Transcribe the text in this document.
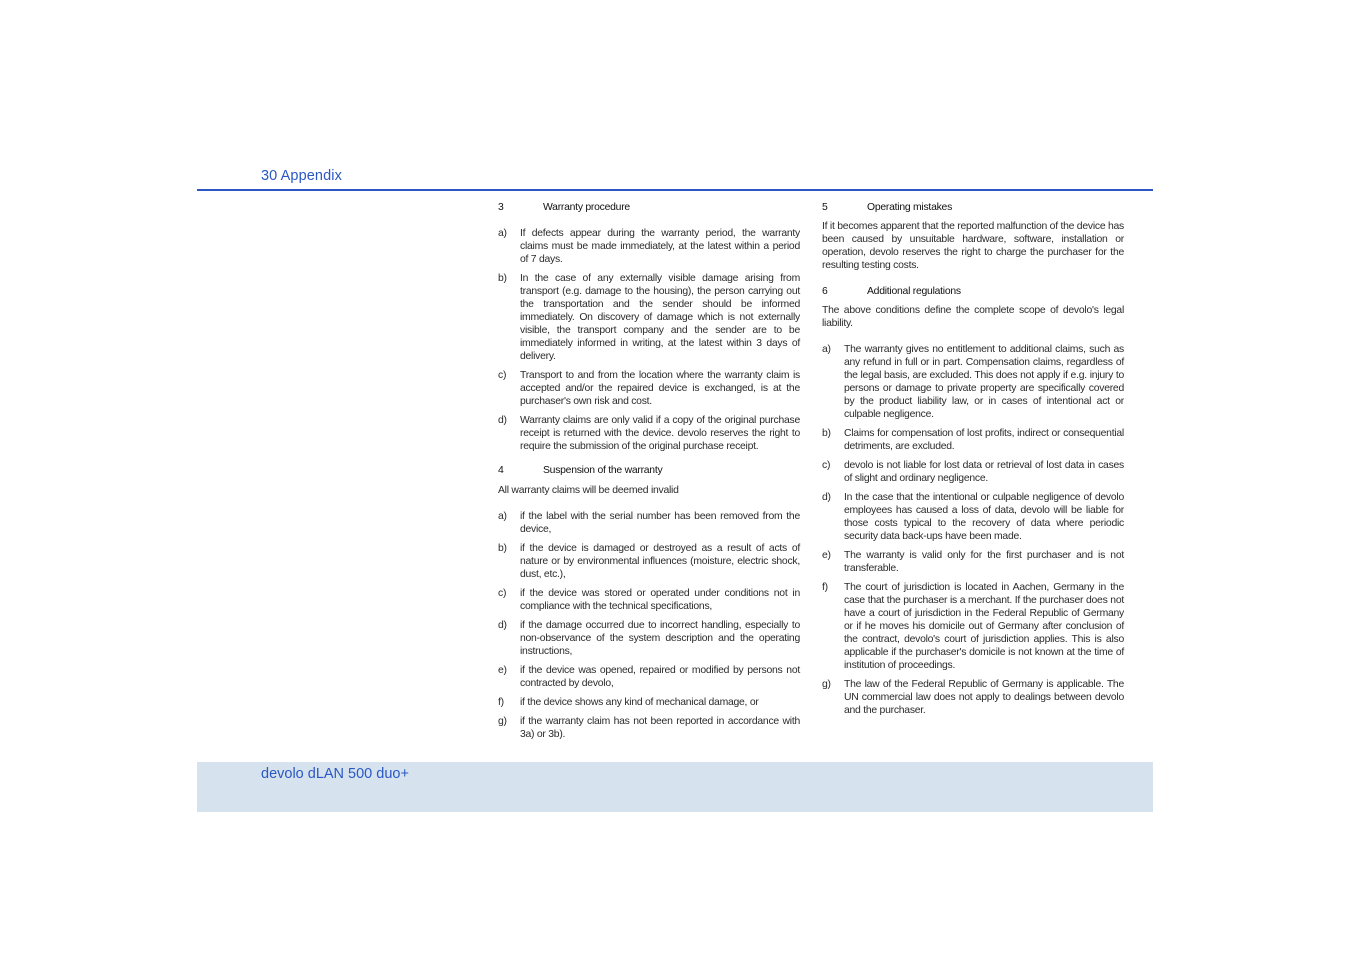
30 Appendix
3	Warranty procedure
a)	If defects appear during the warranty period, the warranty claims must be made immediately, at the latest within a period of 7 days.
b)	In the case of any externally visible damage arising from transport (e.g. damage to the housing), the person carrying out the transportation and the sender should be informed immediately. On discovery of damage which is not externally visible, the transport company and the sender are to be immediately informed in writing, at the latest within 3 days of delivery.
c)	Transport to and from the location where the warranty claim is accepted and/or the repaired device is exchanged, is at the purchaser's own risk and cost.
d)	Warranty claims are only valid if a copy of the original purchase receipt is returned with the device. devolo reserves the right to require the submission of the original purchase receipt.
4	Suspension of the warranty

All warranty claims will be deemed invalid

a)	if the label with the serial number has been removed from the device,
b)	if the device is damaged or destroyed as a result of acts of nature or by environmental influences (moisture, electric shock, dust, etc.),
c)	if the device was stored or operated under conditions not in compliance with the technical specifications,
d)	if the damage occurred due to incorrect handling, especially to non-observance of the system description and the operating instructions,
e)	if the device was opened, repaired or modified by persons not contracted by devolo,
f)	if the device shows any kind of mechanical damage, or
g)	if the warranty claim has not been reported in accordance with 3a) or 3b).
5	Operating mistakes

If it becomes apparent that the reported malfunction of the device has been caused by unsuitable hardware, software, installation or operation, devolo reserves the right to charge the purchaser for the resulting testing costs.

6	Additional regulations

The above conditions define the complete scope of devolo's legal liability.

a)	The warranty gives no entitlement to additional claims, such as any refund in full or in part. Compensation claims, regardless of the legal basis, are excluded. This does not apply if e.g. injury to persons or damage to private property are specifically covered by the product liability law, or in cases of intentional act or culpable negligence.
b)	Claims for compensation of lost profits, indirect or consequential detriments, are excluded.
c)	devolo is not liable for lost data or retrieval of lost data in cases of slight and ordinary negligence.
d)	In the case that the intentional or culpable negligence of devolo employees has caused a loss of data, devolo will be liable for those costs typical to the recovery of data where periodic security data back-ups have been made.
e)	The warranty is valid only for the first purchaser and is not transferable.
f)	The court of jurisdiction is located in Aachen, Germany in the case that the purchaser is a merchant. If the purchaser does not have a court of jurisdiction in the Federal Republic of Germany or if he moves his domicile out of Germany after conclusion of the contract, devolo's court of jurisdiction applies. This is also applicable if the purchaser's domicile is not known at the time of institution of proceedings.
g)	The law of the Federal Republic of Germany is applicable. The UN commercial law does not apply to dealings between devolo and the purchaser.
devolo dLAN 500 duo+
